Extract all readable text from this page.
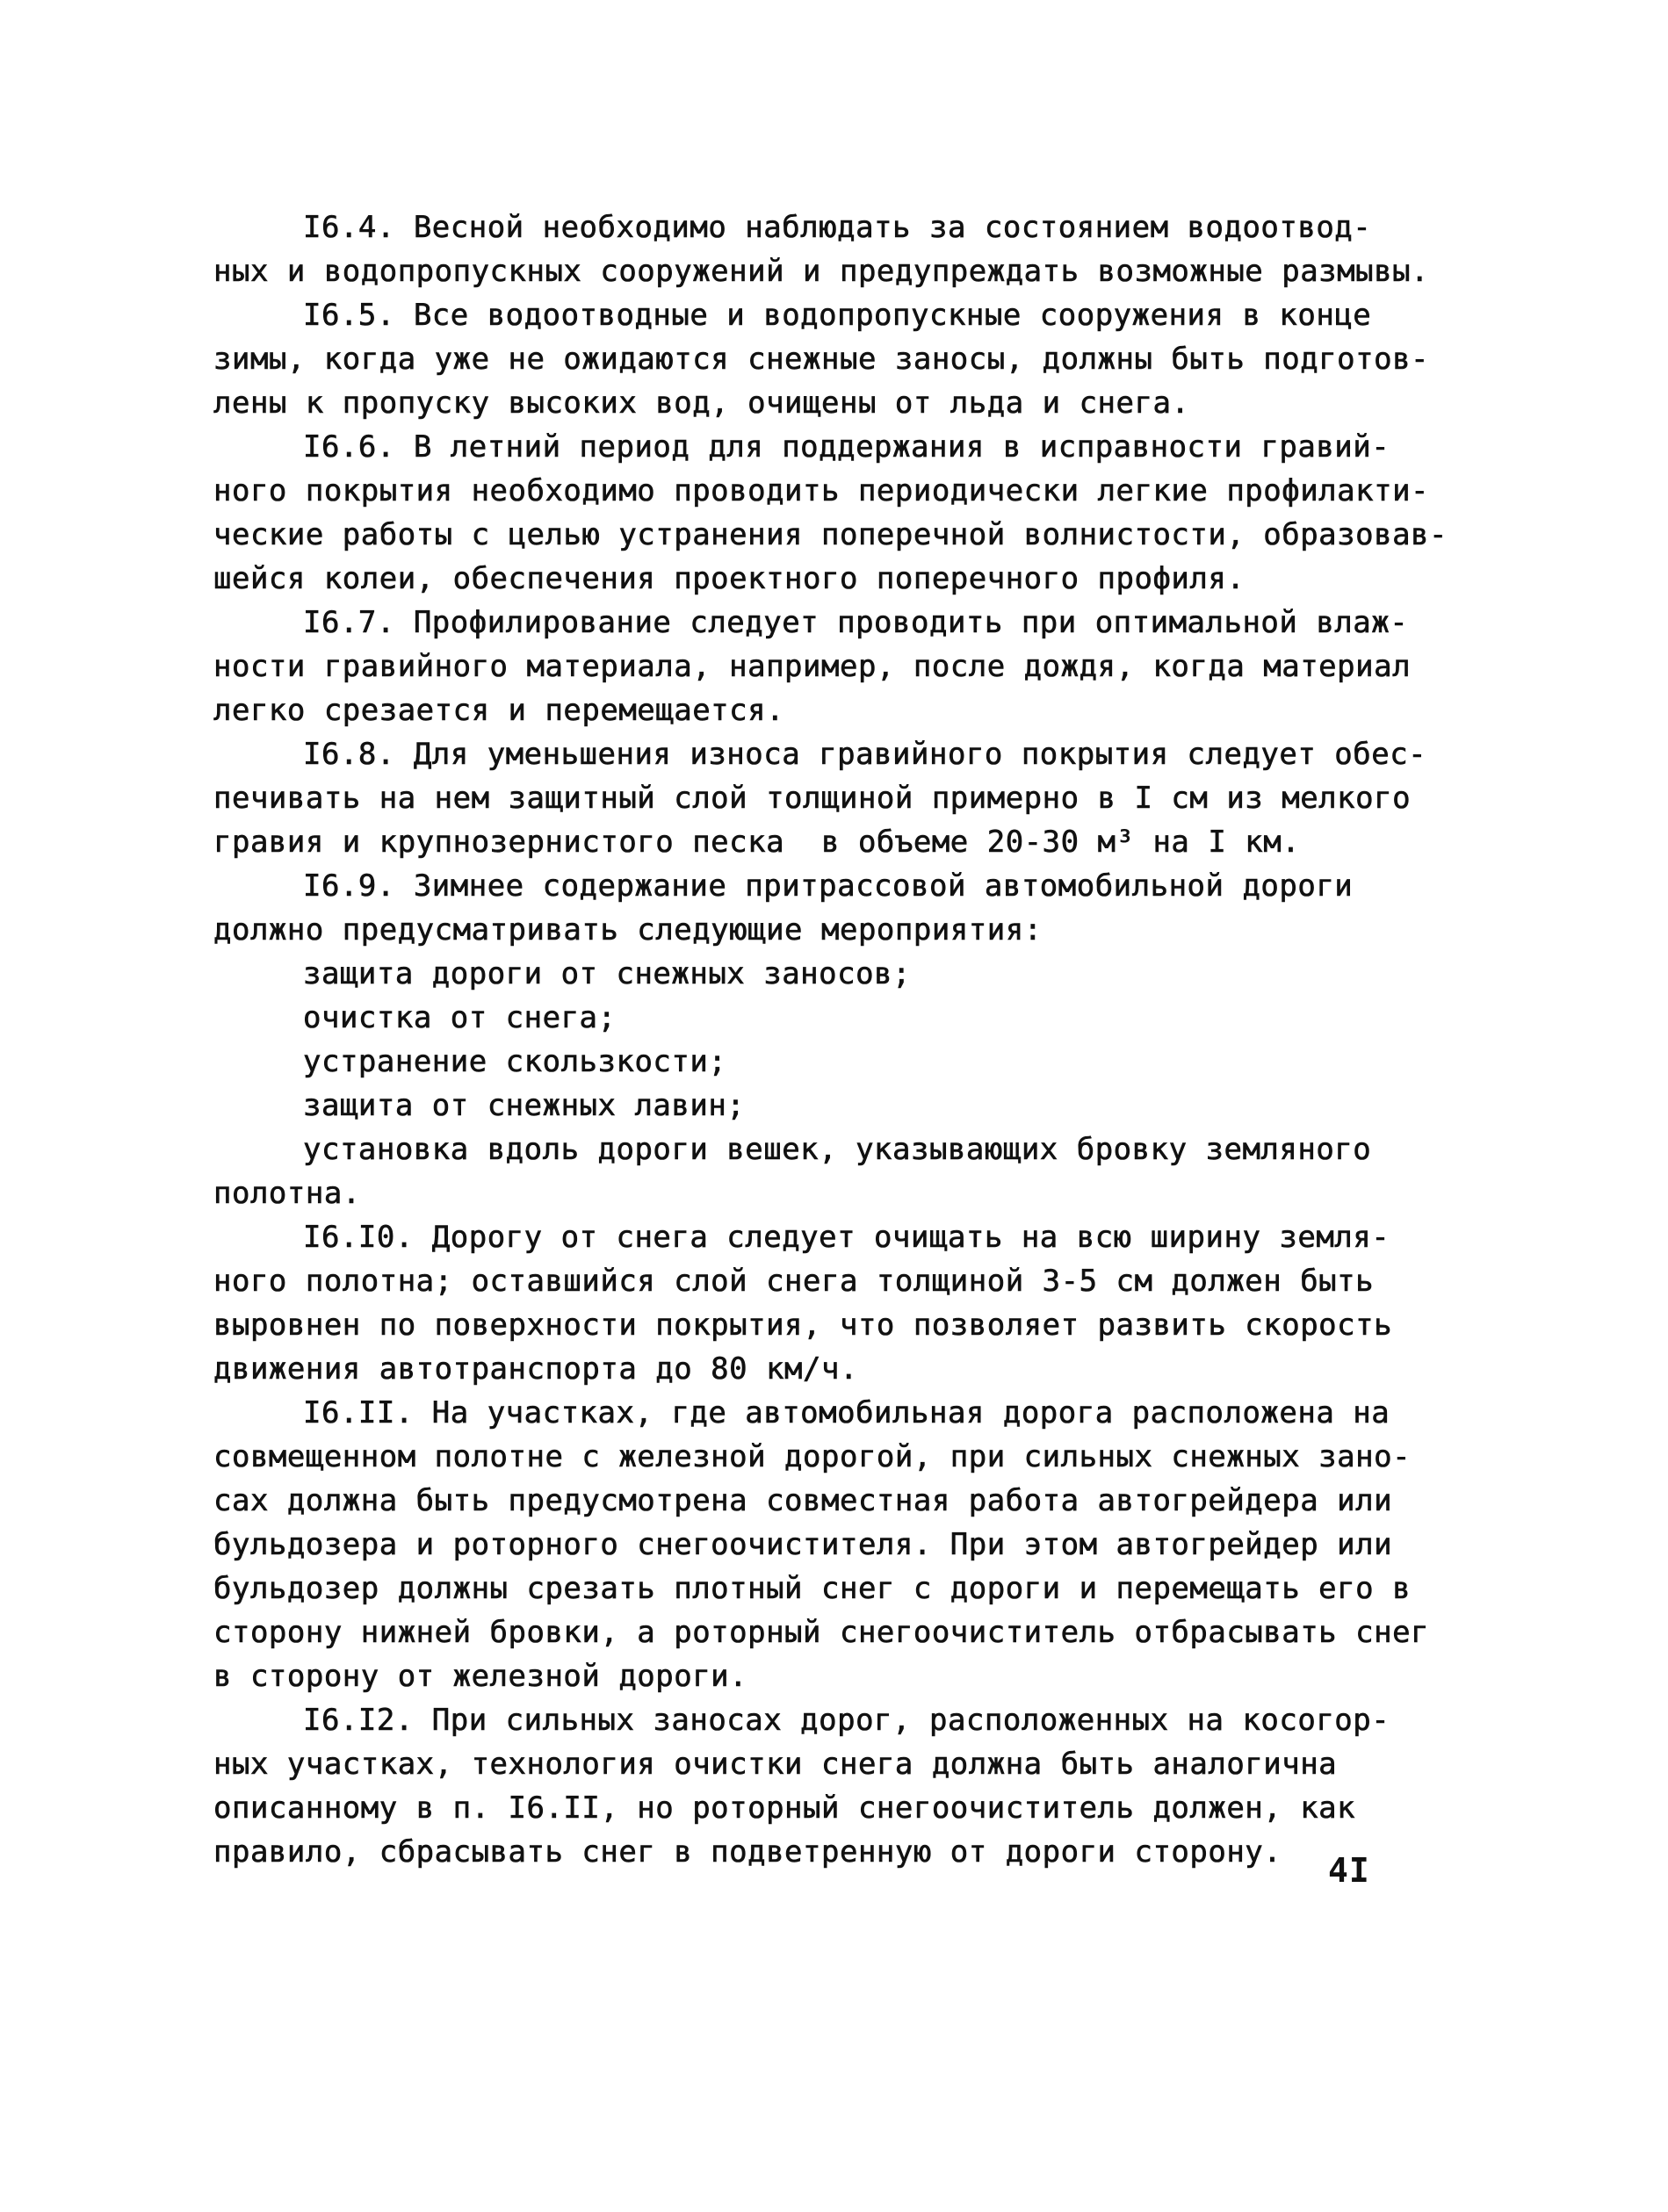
I6.4. Весной необходимо наблюдать за состоянием водоотвод-
ных и водопропускных сооружений и предупреждать возможные размывы.
I6.5. Все водоотводные и водопропускные сооружения в конце
зимы, когда уже не ожидаются снежные заносы, должны быть подготов-
лены к пропуску высоких вод, очищены от льда и снега.
I6.6. В летний период для поддержания в исправности гравий-
ного покрытия необходимо проводить периодически легкие профилакти-
ческие работы с целью устранения поперечной волнистости, образовав-
шейся колеи, обеспечения проектного поперечного профиля.
I6.7. Профилирование следует проводить при оптимальной влаж-
ности гравийного материала, например, после дождя, когда материал
легко срезается и перемещается.
I6.8. Для уменьшения износа гравийного покрытия следует обес-
печивать на нем защитный слой толщиной примерно в I см из мелкого
гравия и крупнозернистого песка  в объеме 20-30 м³ на I км.
I6.9. Зимнее содержание притрассовой автомобильной дороги
должно предусматривать следующие мероприятия:
защита дороги от снежных заносов;
очистка от снега;
устранение скользкости;
защита от снежных лавин;
установка вдоль дороги вешек, указывающих бровку земляного
полотна.
I6.I0. Дорогу от снега следует очищать на всю ширину земля-
ного полотна; оставшийся слой снега толщиной 3-5 см должен быть
выровнен по поверхности покрытия, что позволяет развить скорость
движения автотранспорта до 80 км/ч.
I6.II. На участках, где автомобильная дорога расположена на
совмещенном полотне с железной дорогой, при сильных снежных зано-
сах должна быть предусмотрена совместная работа автогрейдера или
бульдозера и роторного снегоочистителя. При этом автогрейдер или
бульдозер должны срезать плотный снег с дороги и перемещать его в
сторону нижней бровки, а роторный снегоочиститель отбрасывать снег
в сторону от железной дороги.
I6.I2. При сильных заносах дорог, расположенных на косогор-
ных участках, технология очистки снега должна быть аналогична
описанному в п. I6.II, но роторный снегоочиститель должен, как
правило, сбрасывать снег в подветренную от дороги сторону. 4I
